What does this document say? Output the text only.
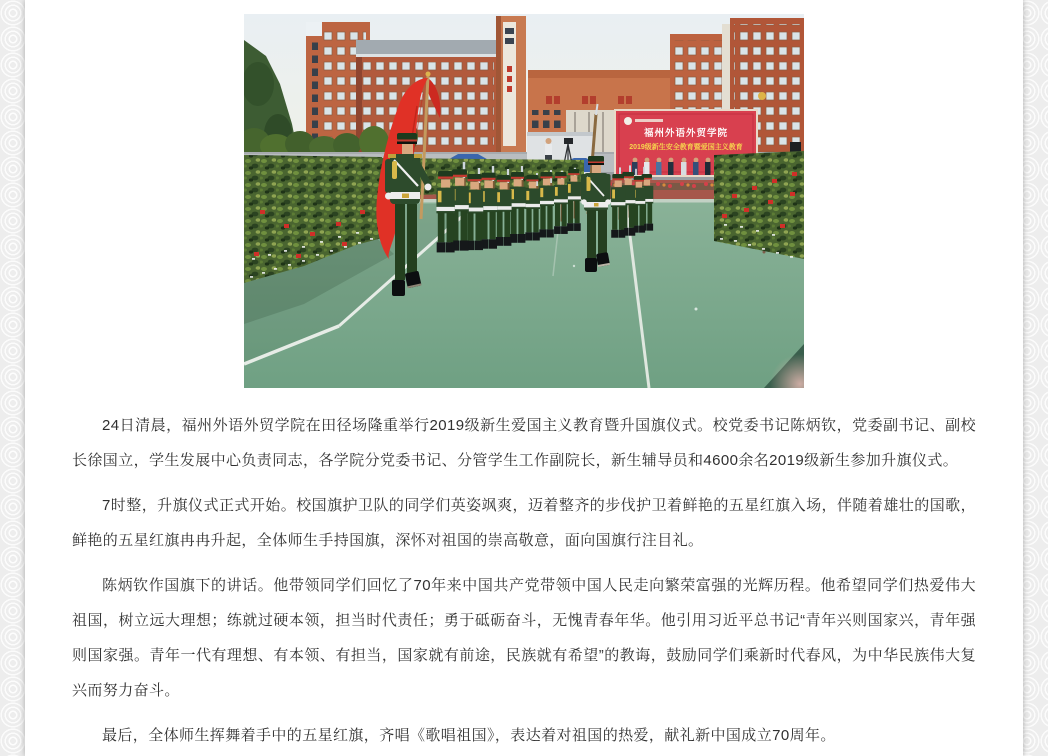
福州外语外贸学院
2019级新生安全教育暨爱国主义教育

24日清晨，福州外语外贸学院在田径场隆重举行2019级新生爱国主义教育暨升国旗仪式。校党委书记陈炳钦，党委副书记、副校长徐国立，学生发展中心负责同志，各学院分党委书记、分管学生工作副院长，新生辅导员和4600余名2019级新生参加升旗仪式。

7时整，升旗仪式正式开始。校国旗护卫队的同学们英姿飒爽，迈着整齐的步伐护卫着鲜艳的五星红旗入场，伴随着雄壮的国歌，鲜艳的五星红旗冉冉升起，全体师生手持国旗，深怀对祖国的崇高敬意，面向国旗行注目礼。

陈炳钦作国旗下的讲话。他带领同学们回忆了70年来中国共产党带领中国人民走向繁荣富强的光辉历程。他希望同学们热爱伟大祖国，树立远大理想；练就过硬本领，担当时代责任；勇于砥砺奋斗，无愧青春年华。他引用习近平总书记“青年兴则国家兴，青年强则国家强。青年一代有理想、有本领、有担当，国家就有前途，民族就有希望”的教诲，鼓励同学们乘新时代春风，为中华民族伟大复兴而努力奋斗。

最后，全体师生挥舞着手中的五星红旗，齐唱《歌唱祖国》，表达着对祖国的热爱，献礼新中国成立70周年。
